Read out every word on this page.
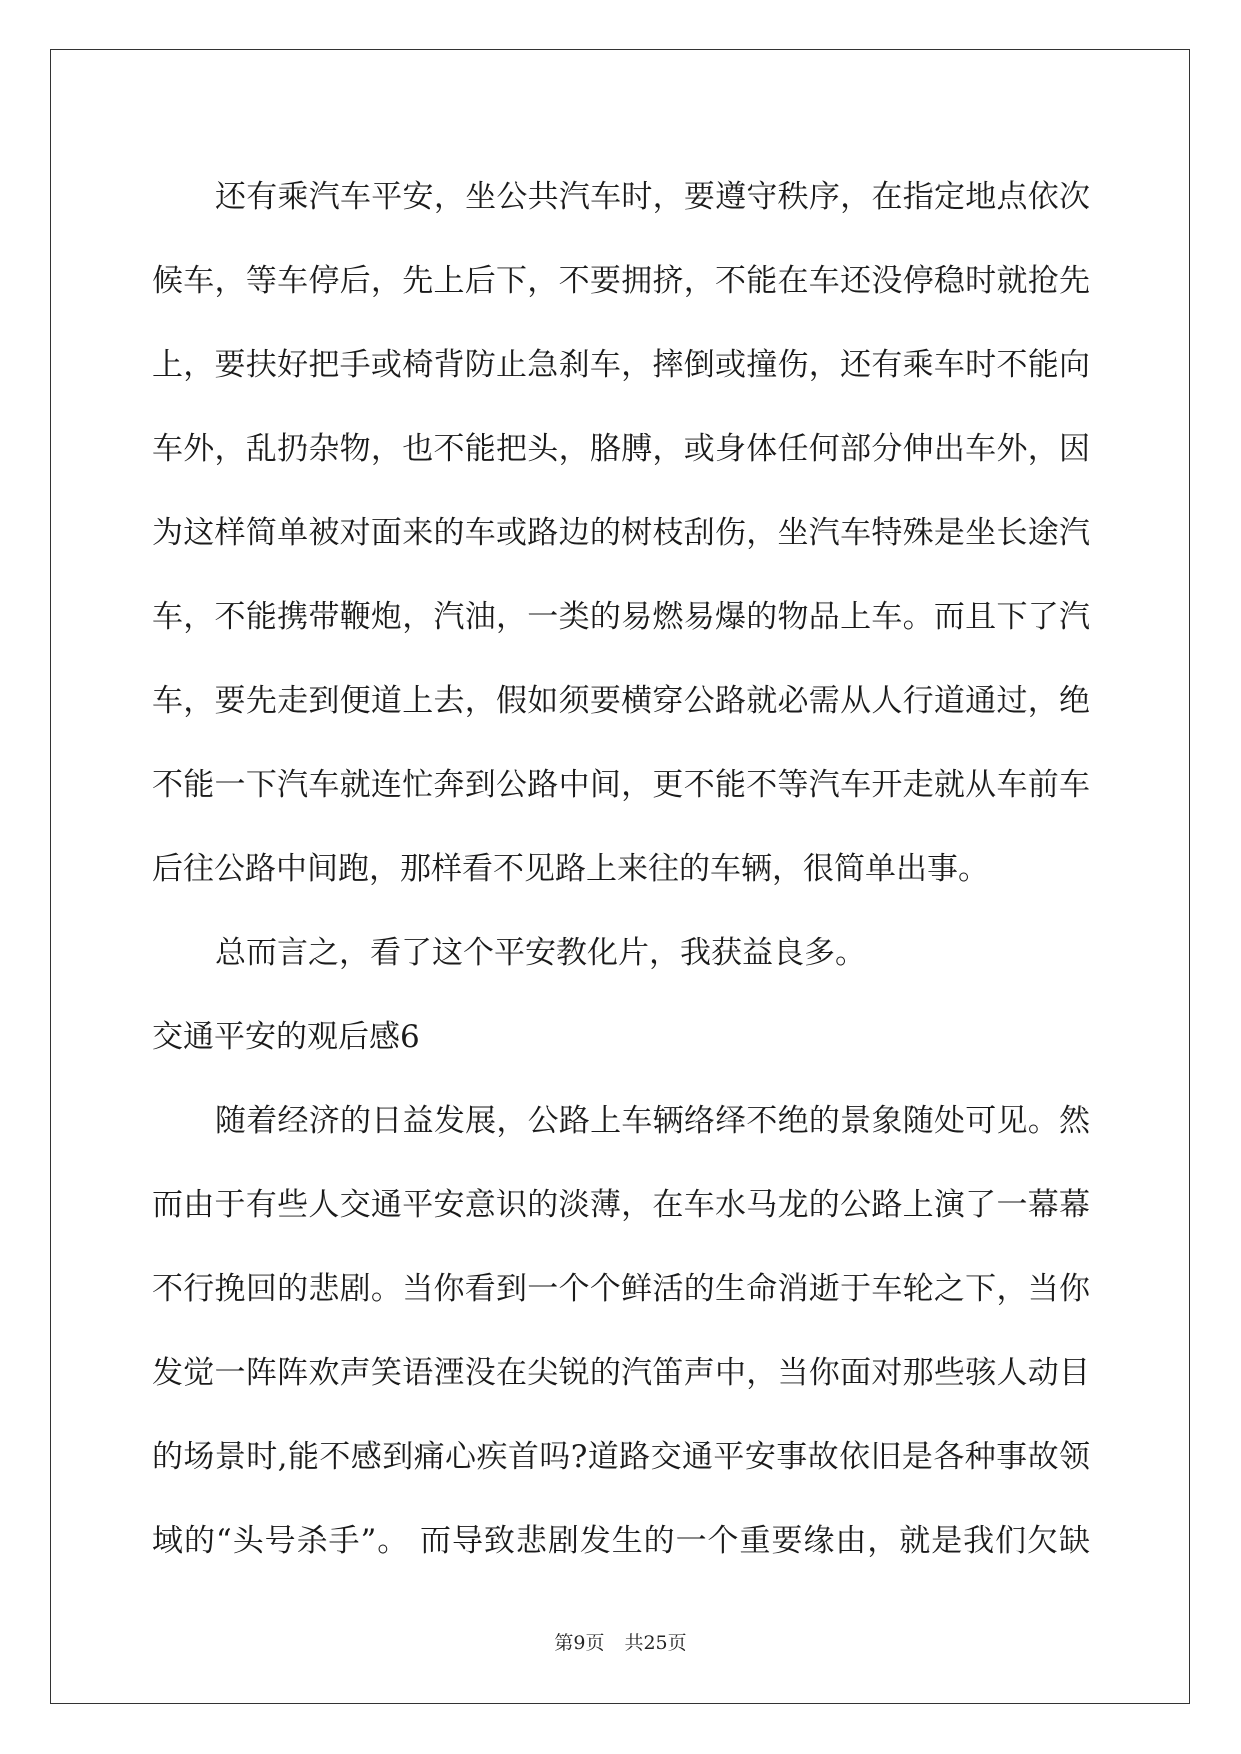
还有乘汽车平安，坐公共汽车时，要遵守秩序，在指定地点依次
候车，等车停后，先上后下，不要拥挤，不能在车还没停稳时就抢先
上，要扶好把手或椅背防止急刹车，摔倒或撞伤，还有乘车时不能向
车外，乱扔杂物，也不能把头，胳膊，或身体任何部分伸出车外，因
为这样简单被对面来的车或路边的树枝刮伤，坐汽车特殊是坐长途汽
车，不能携带鞭炮，汽油，一类的易燃易爆的物品上车。而且下了汽
车，要先走到便道上去，假如须要横穿公路就必需从人行道通过，绝
不能一下汽车就连忙奔到公路中间，更不能不等汽车开走就从车前车
后往公路中间跑，那样看不见路上来往的车辆，很简单出事。
总而言之，看了这个平安教化片，我获益良多。
交通平安的观后感6
随着经济的日益发展，公路上车辆络绎不绝的景象随处可见。然
而由于有些人交通平安意识的淡薄，在车水马龙的公路上演了一幕幕
不行挽回的悲剧。当你看到一个个鲜活的生命消逝于车轮之下，当你
发觉一阵阵欢声笑语湮没在尖锐的汽笛声中，当你面对那些骇人动目
的场景时,能不感到痛心疾首吗?道路交通平安事故依旧是各种事故领
域的“头号杀手”。 而导致悲剧发生的一个重要缘由，就是我们欠缺
第9页 共25页
